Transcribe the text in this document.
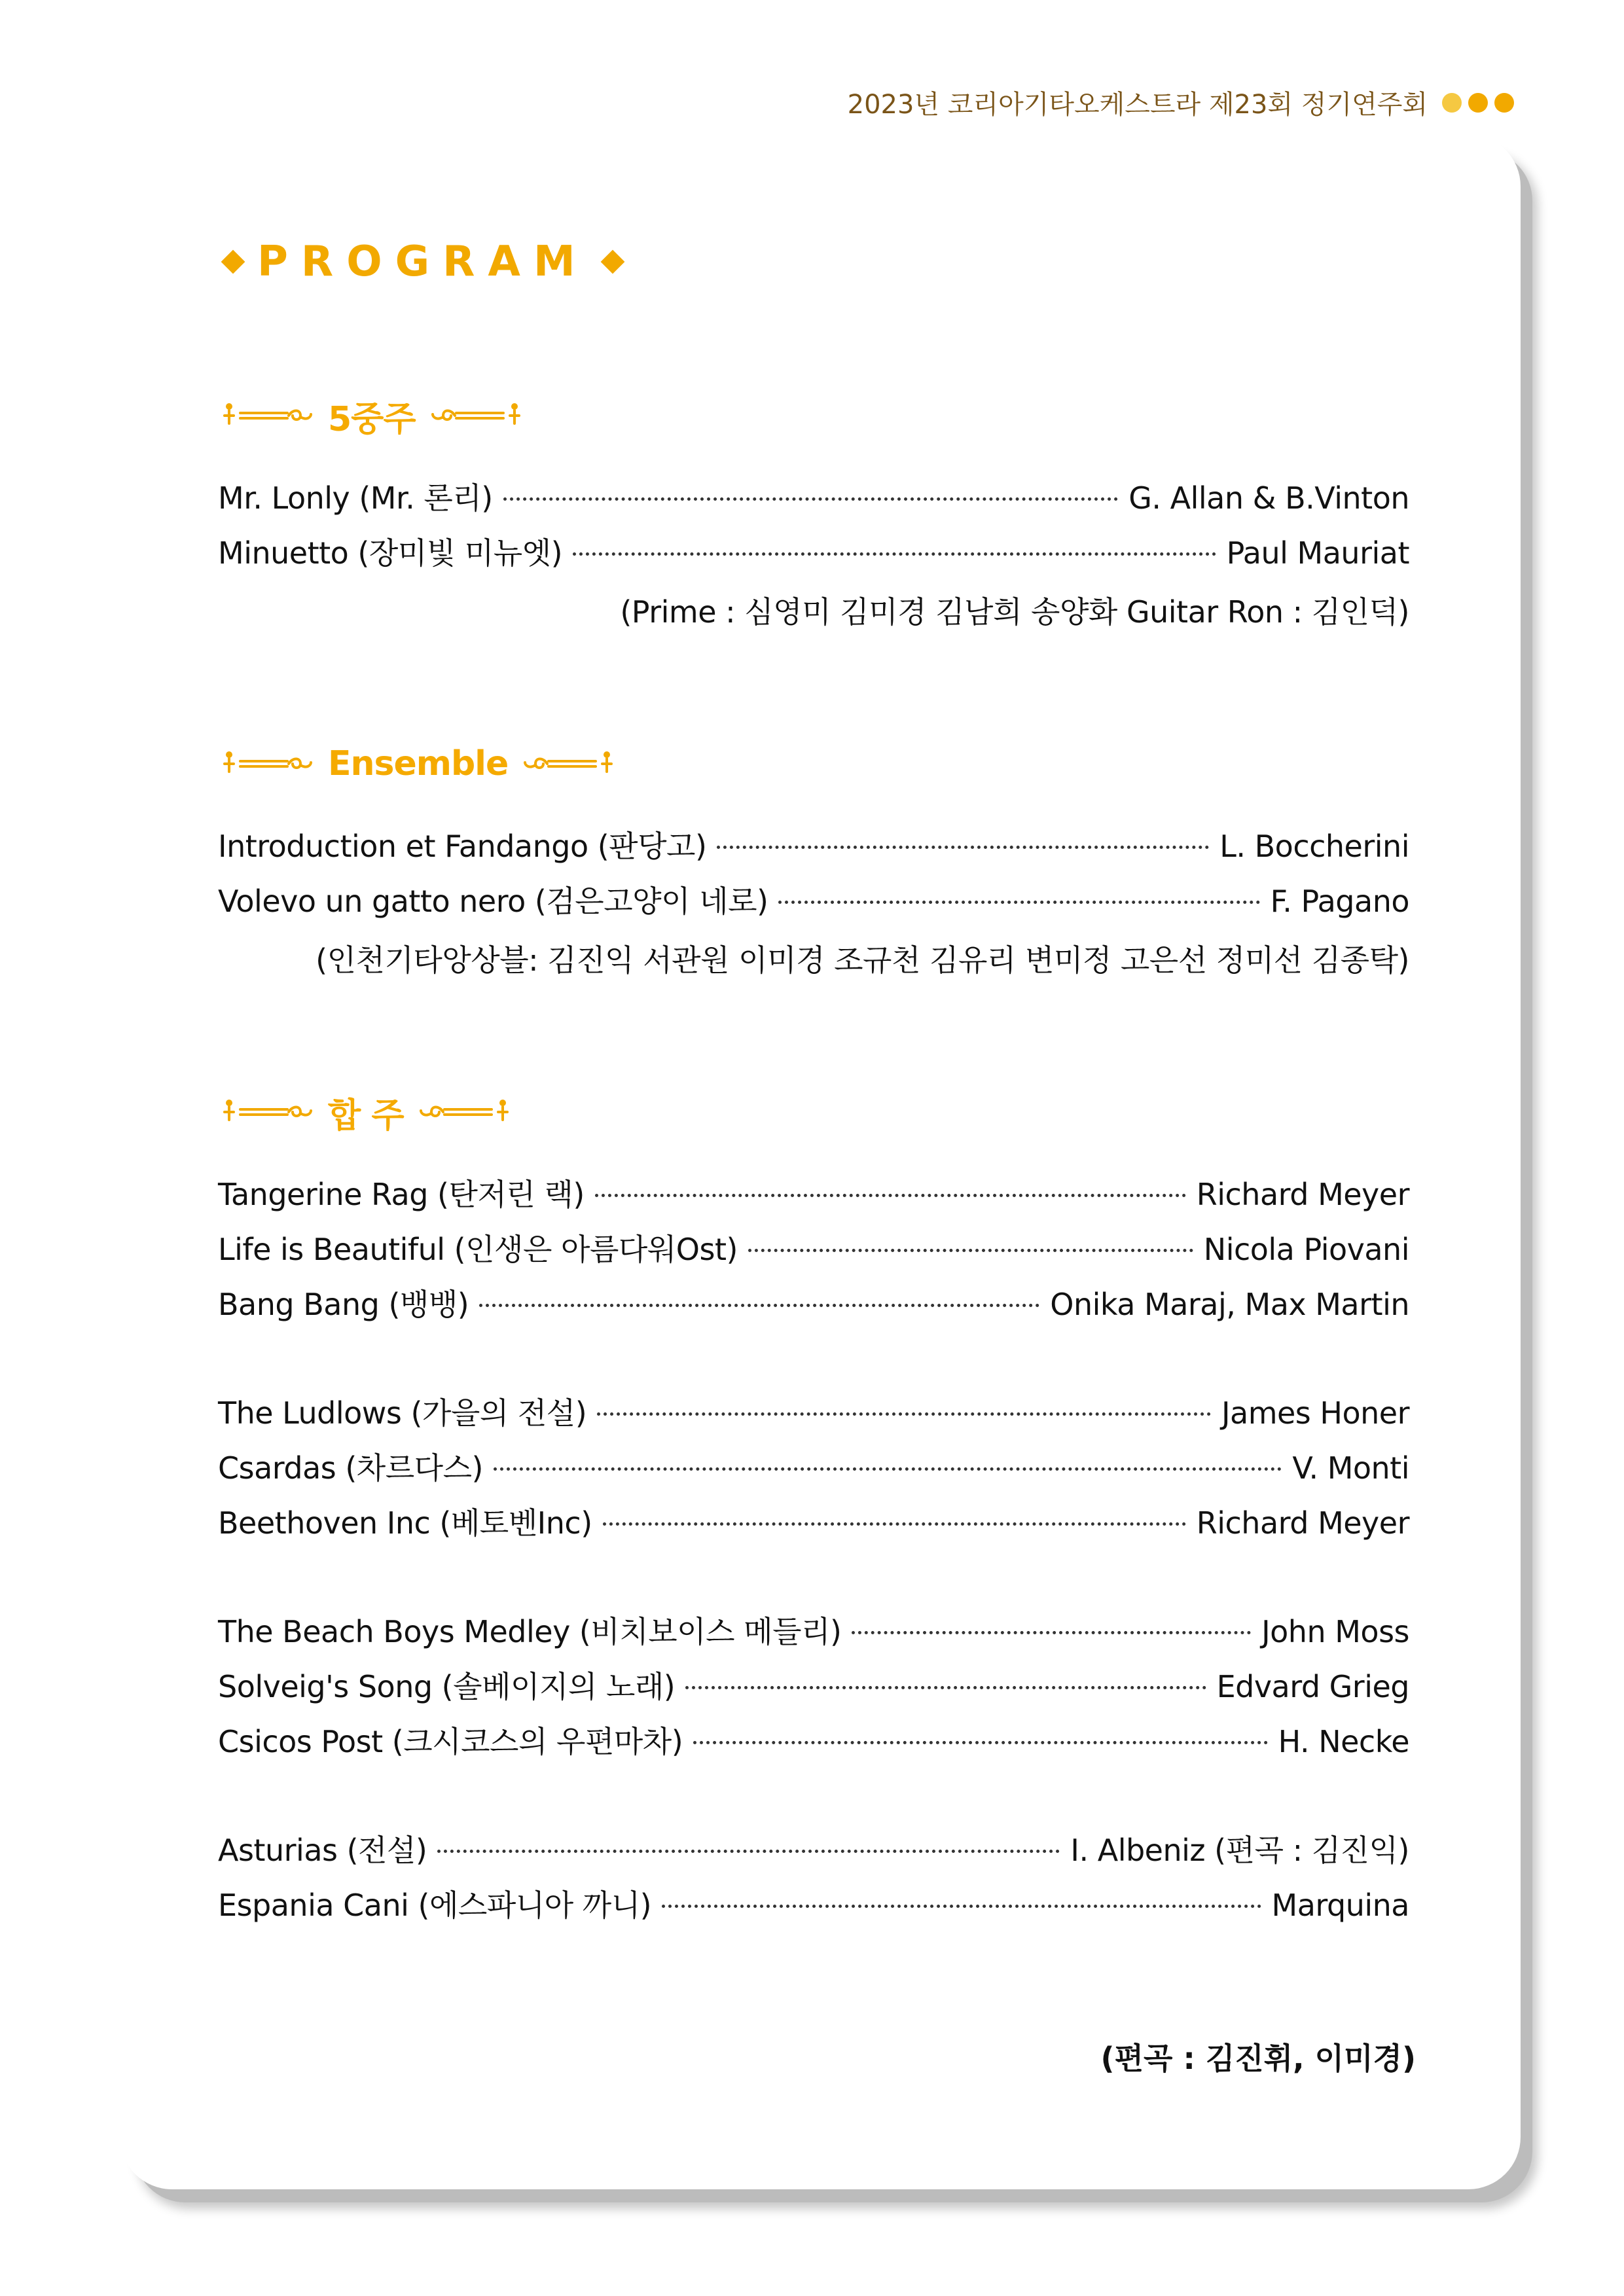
2023년 코리아기타오케스트라 제23회 정기연주회
PROGRAM
5중주
Mr. Lonly (Mr. 론리)	G. Allan & B.Vinton
Minuetto (장미빛 미뉴엣)	Paul Mauriat
(Prime : 심영미 김미경 김남희 송양화 Guitar Ron : 김인덕)
Ensemble
Introduction et Fandango (판당고)	L. Boccherini
Volevo un gatto nero (검은고양이 네로)	F. Pagano
(인천기타앙상블: 김진익 서관원 이미경 조규천 김유리 변미정 고은선 정미선 김종탁)
합 주
Tangerine Rag (탄저린 랙)	Richard Meyer
Life is Beautiful (인생은 아름다워Ost)	Nicola Piovani
Bang Bang (뱅뱅)	Onika Maraj, Max Martin
The Ludlows (가을의 전설)	James Honer
Csardas (차르다스)	V. Monti
Beethoven Inc (베토벤Inc)	Richard Meyer
The Beach Boys Medley (비치보이스 메들리)	John Moss
Solveig's Song (솔베이지의 노래)	Edvard Grieg
Csicos Post (크시코스의 우편마차)	H. Necke
Asturias (전설)	I. Albeniz (편곡 : 김진익)
Espania Cani (에스파니아 까니)	Marquina
(편곡 : 김진휘, 이미경)
